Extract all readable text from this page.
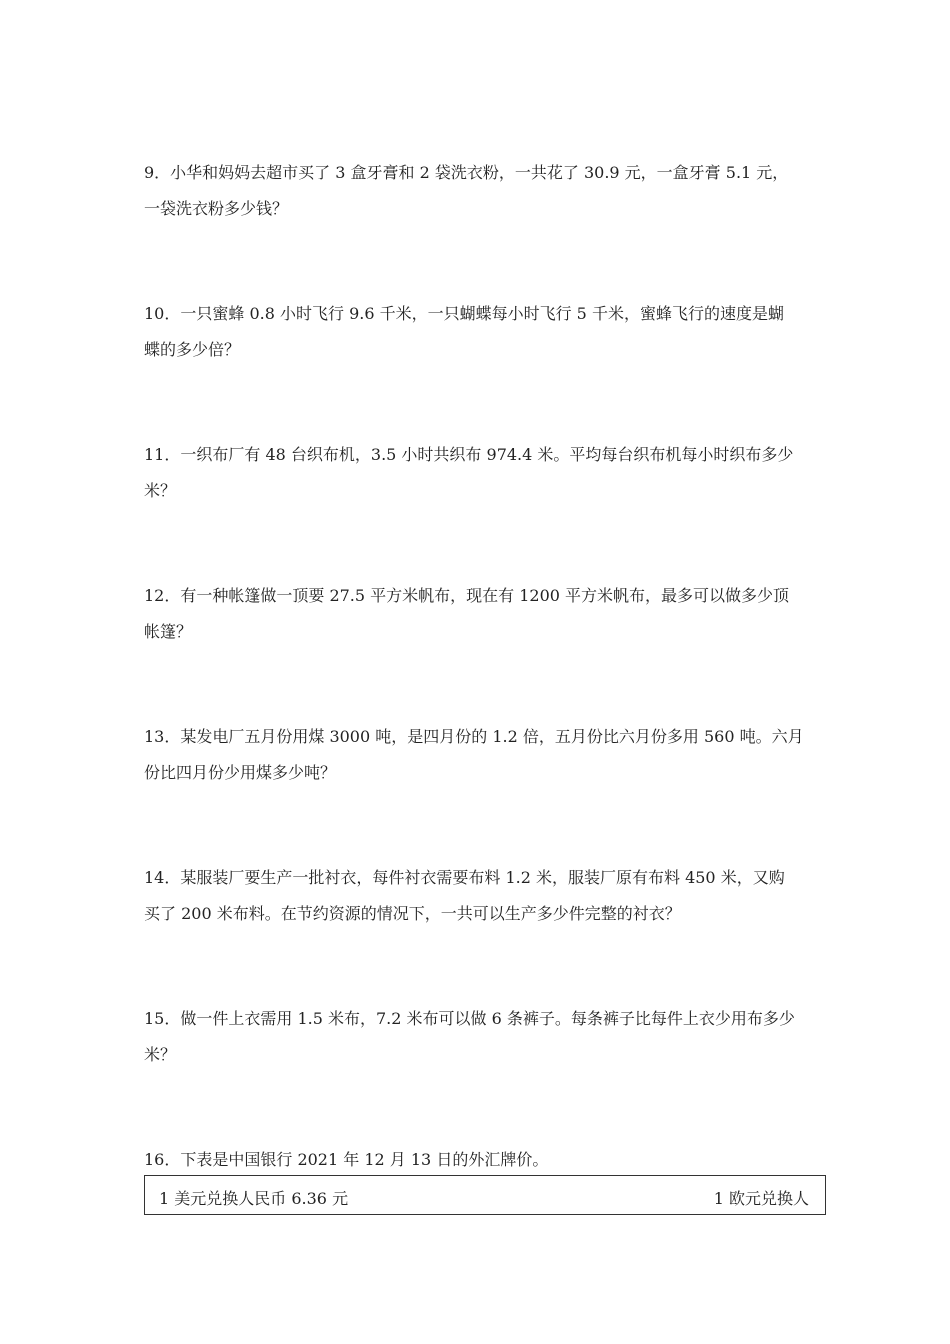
9．小华和妈妈去超市买了 3 盒牙膏和 2 袋洗衣粉，一共花了 30.9 元，一盒牙膏 5.1 元，
一袋洗衣粉多少钱？
10．一只蜜蜂 0.8 小时飞行 9.6 千米，一只蝴蝶每小时飞行 5 千米，蜜蜂飞行的速度是蝴
蝶的多少倍？
11．一织布厂有 48 台织布机，3.5 小时共织布 974.4 米。平均每台织布机每小时织布多少
米？
12．有一种帐篷做一顶要 27.5 平方米帆布，现在有 1200 平方米帆布，最多可以做多少顶
帐篷？
13．某发电厂五月份用煤 3000 吨，是四月份的 1.2 倍，五月份比六月份多用 560 吨。六月
份比四月份少用煤多少吨？
14．某服装厂要生产一批衬衣，每件衬衣需要布料 1.2 米，服装厂原有布料 450 米，又购
买了 200 米布料。在节约资源的情况下，一共可以生产多少件完整的衬衣？
15．做一件上衣需用 1.5 米布，7.2 米布可以做 6 条裤子。每条裤子比每件上衣少用布多少
米？
16．下表是中国银行 2021 年 12 月 13 日的外汇牌价。
1 美元兑换人民币 6.36 元	1 欧元兑换人
